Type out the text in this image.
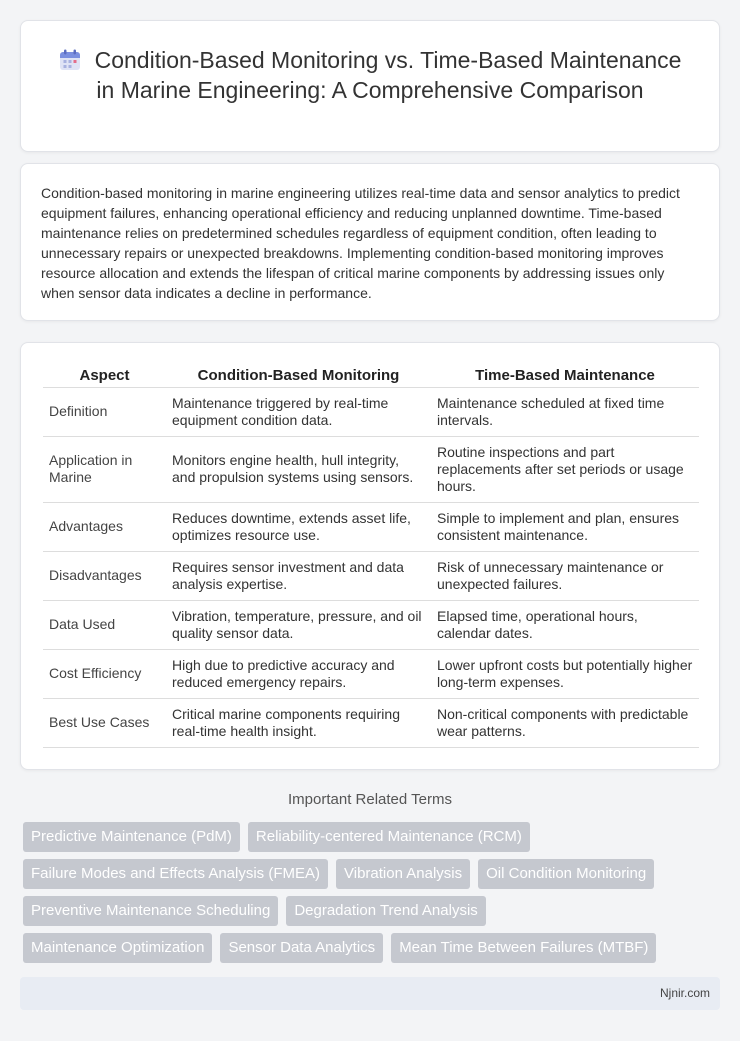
Condition-Based Monitoring vs. Time-Based Maintenance in Marine Engineering: A Comprehensive Comparison

Condition-based monitoring in marine engineering utilizes real-time data and sensor analytics to predict equipment failures, enhancing operational efficiency and reducing unplanned downtime. Time-based maintenance relies on predetermined schedules regardless of equipment condition, often leading to unnecessary repairs or unexpected breakdowns. Implementing condition-based monitoring improves resource allocation and extends the lifespan of critical marine components by addressing issues only when sensor data indicates a decline in performance.

Aspect	Condition-Based Monitoring	Time-Based Maintenance
Definition	Maintenance triggered by real-time equipment condition data.	Maintenance scheduled at fixed time intervals.
Application in Marine	Monitors engine health, hull integrity, and propulsion systems using sensors.	Routine inspections and part replacements after set periods or usage hours.
Advantages	Reduces downtime, extends asset life, optimizes resource use.	Simple to implement and plan, ensures consistent maintenance.
Disadvantages	Requires sensor investment and data analysis expertise.	Risk of unnecessary maintenance or unexpected failures.
Data Used	Vibration, temperature, pressure, and oil quality sensor data.	Elapsed time, operational hours, calendar dates.
Cost Efficiency	High due to predictive accuracy and reduced emergency repairs.	Lower upfront costs but potentially higher long-term expenses.
Best Use Cases	Critical marine components requiring real-time health insight.	Non-critical components with predictable wear patterns.
Important Related Terms
Predictive Maintenance (PdM)	Reliability-centered Maintenance (RCM)
Failure Modes and Effects Analysis (FMEA)	Vibration Analysis	Oil Condition Monitoring
Preventive Maintenance Scheduling	Degradation Trend Analysis
Maintenance Optimization	Sensor Data Analytics	Mean Time Between Failures (MTBF)
Njnir.com
